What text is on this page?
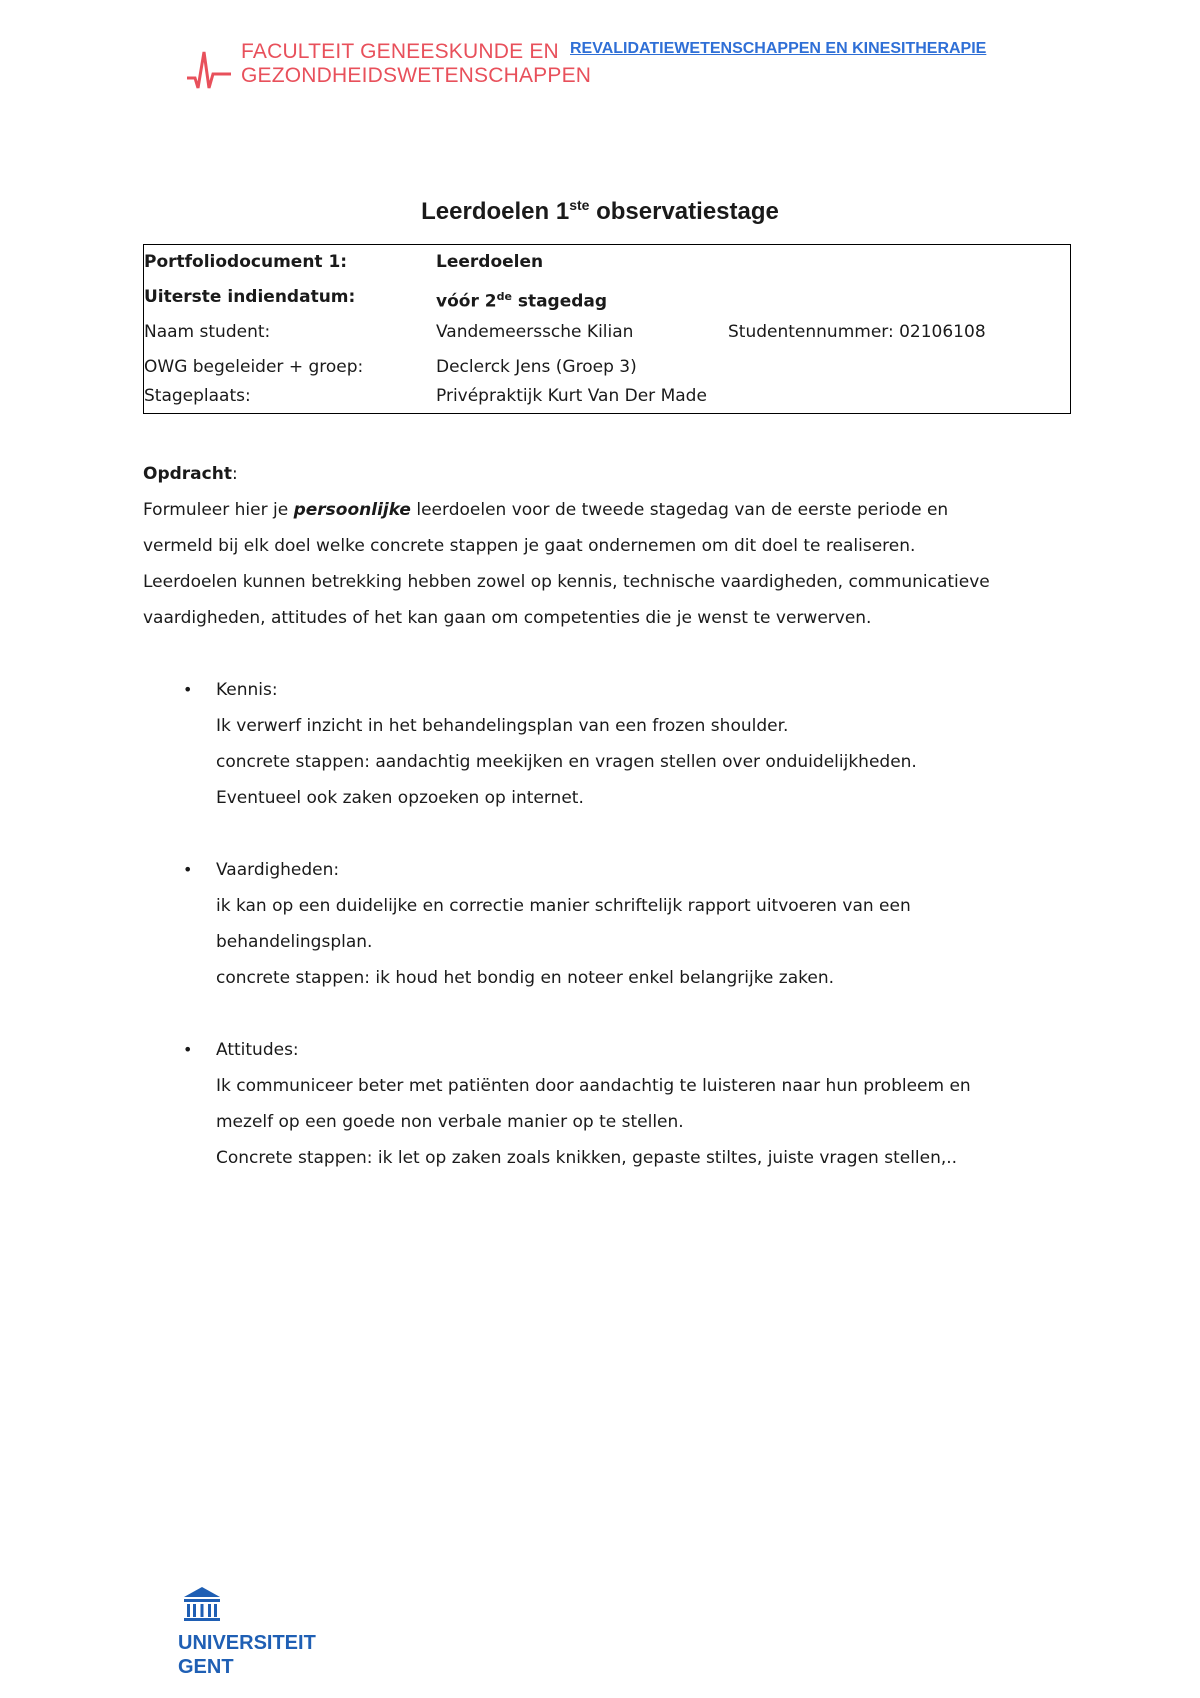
FACULTEIT GENEESKUNDE EN
GEZONDHEIDSWETENSCHAPPEN
REVALIDATIEWETENSCHAPPEN EN KINESITHERAPIE
Leerdoelen 1ste observatiestage
Portfoliodocument 1:	Leerdoelen
Uiterste indiendatum:	vóór 2de stagedag
Naam student:	Vandemeerssche Kilian	Studentennummer: 02106108
OWG begeleider + groep:	Declerck Jens (Groep 3)
Stageplaats:	Privépraktijk Kurt Van Der Made
Opdracht:
Formuleer hier je persoonlijke leerdoelen voor de tweede stagedag van de eerste periode en
vermeld bij elk doel welke concrete stappen je gaat ondernemen om dit doel te realiseren.
Leerdoelen kunnen betrekking hebben zowel op kennis, technische vaardigheden, communicatieve
vaardigheden, attitudes of het kan gaan om competenties die je wenst te verwerven.
• Kennis:
Ik verwerf inzicht in het behandelingsplan van een frozen shoulder.
concrete stappen: aandachtig meekijken en vragen stellen over onduidelijkheden.
Eventueel ook zaken opzoeken op internet.
• Vaardigheden:
ik kan op een duidelijke en correctie manier schriftelijk rapport uitvoeren van een
behandelingsplan.
concrete stappen: ik houd het bondig en noteer enkel belangrijke zaken.
• Attitudes:
Ik communiceer beter met patiënten door aandachtig te luisteren naar hun probleem en
mezelf op een goede non verbale manier op te stellen.
Concrete stappen: ik let op zaken zoals knikken, gepaste stiltes, juiste vragen stellen,..
UNIVERSITEIT
GENT
